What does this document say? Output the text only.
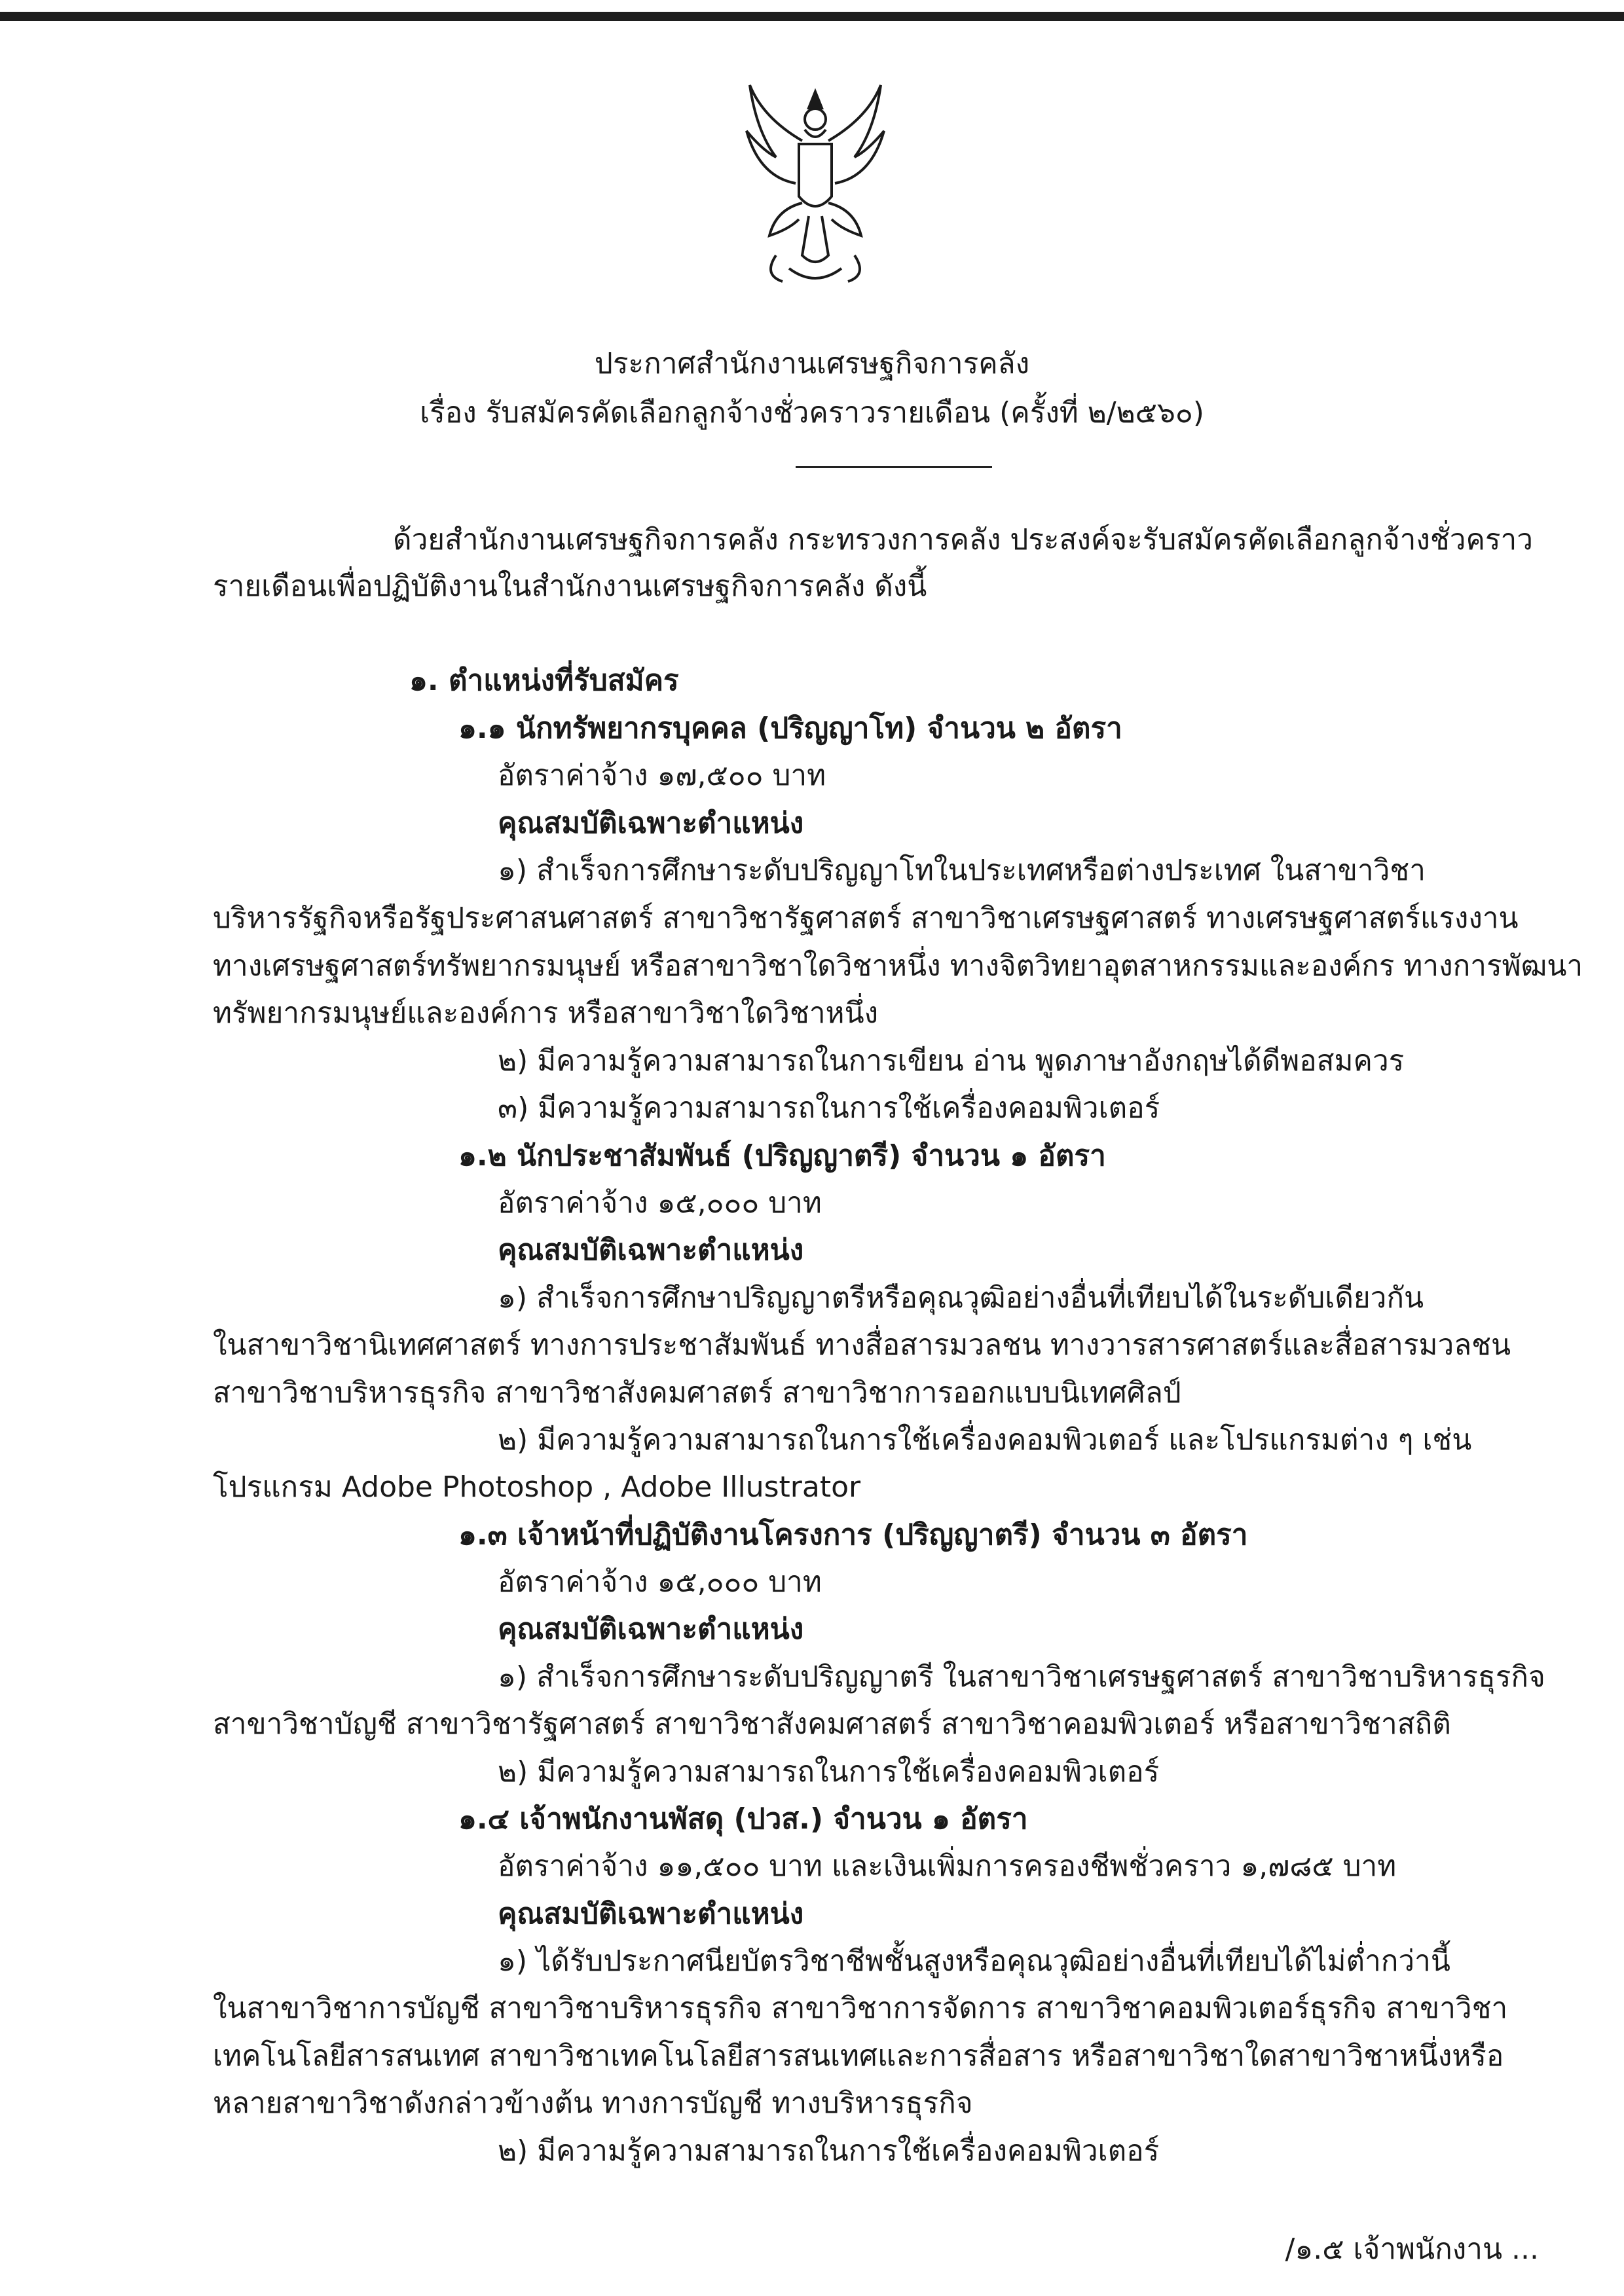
ประกาศสำนักงานเศรษฐกิจการคลัง
เรื่อง รับสมัครคัดเลือกลูกจ้างชั่วคราวรายเดือน (ครั้งที่ ๒/๒๕๖๐)
ด้วยสำนักงานเศรษฐกิจการคลัง กระทรวงการคลัง ประสงค์จะรับสมัครคัดเลือกลูกจ้างชั่วคราว
รายเดือนเพื่อปฏิบัติงานในสำนักงานเศรษฐกิจการคลัง ดังนี้
๑. ตำแหน่งที่รับสมัคร
๑.๑ นักทรัพยากรบุคคล (ปริญญาโท) จำนวน ๒ อัตรา
อัตราค่าจ้าง ๑๗,๕๐๐ บาท
คุณสมบัติเฉพาะตำแหน่ง
๑) สำเร็จการศึกษาระดับปริญญาโทในประเทศหรือต่างประเทศ ในสาขาวิชา
บริหารรัฐกิจหรือรัฐประศาสนศาสตร์ สาขาวิชารัฐศาสตร์ สาขาวิชาเศรษฐศาสตร์ ทางเศรษฐศาสตร์แรงงาน
ทางเศรษฐศาสตร์ทรัพยากรมนุษย์ หรือสาขาวิชาใดวิชาหนึ่ง ทางจิตวิทยาอุตสาหกรรมและองค์กร ทางการพัฒนา
ทรัพยากรมนุษย์และองค์การ หรือสาขาวิชาใดวิชาหนึ่ง
๒) มีความรู้ความสามารถในการเขียน อ่าน พูดภาษาอังกฤษได้ดีพอสมควร
๓) มีความรู้ความสามารถในการใช้เครื่องคอมพิวเตอร์
๑.๒ นักประชาสัมพันธ์ (ปริญญาตรี) จำนวน ๑ อัตรา
อัตราค่าจ้าง ๑๕,๐๐๐ บาท
คุณสมบัติเฉพาะตำแหน่ง
๑) สำเร็จการศึกษาปริญญาตรีหรือคุณวุฒิอย่างอื่นที่เทียบได้ในระดับเดียวกัน
ในสาขาวิชานิเทศศาสตร์ ทางการประชาสัมพันธ์ ทางสื่อสารมวลชน ทางวารสารศาสตร์และสื่อสารมวลชน
สาขาวิชาบริหารธุรกิจ สาขาวิชาสังคมศาสตร์ สาขาวิชาการออกแบบนิเทศศิลป์
๒) มีความรู้ความสามารถในการใช้เครื่องคอมพิวเตอร์ และโปรแกรมต่าง ๆ เช่น
โปรแกรม Adobe Photoshop , Adobe Illustrator
๑.๓ เจ้าหน้าที่ปฏิบัติงานโครงการ (ปริญญาตรี) จำนวน ๓ อัตรา
อัตราค่าจ้าง ๑๕,๐๐๐ บาท
คุณสมบัติเฉพาะตำแหน่ง
๑) สำเร็จการศึกษาระดับปริญญาตรี ในสาขาวิชาเศรษฐศาสตร์ สาขาวิชาบริหารธุรกิจ
สาขาวิชาบัญชี สาขาวิชารัฐศาสตร์ สาขาวิชาสังคมศาสตร์ สาขาวิชาคอมพิวเตอร์ หรือสาขาวิชาสถิติ
๒) มีความรู้ความสามารถในการใช้เครื่องคอมพิวเตอร์
๑.๔ เจ้าพนักงานพัสดุ (ปวส.) จำนวน ๑ อัตรา
อัตราค่าจ้าง ๑๑,๕๐๐ บาท และเงินเพิ่มการครองชีพชั่วคราว ๑,๗๘๕ บาท
คุณสมบัติเฉพาะตำแหน่ง
๑) ได้รับประกาศนียบัตรวิชาชีพชั้นสูงหรือคุณวุฒิอย่างอื่นที่เทียบได้ไม่ต่ำกว่านี้
ในสาขาวิชาการบัญชี สาขาวิชาบริหารธุรกิจ สาขาวิชาการจัดการ สาขาวิชาคอมพิวเตอร์ธุรกิจ สาขาวิชา
เทคโนโลยีสารสนเทศ สาขาวิชาเทคโนโลยีสารสนเทศและการสื่อสาร หรือสาขาวิชาใดสาขาวิชาหนึ่งหรือ
หลายสาขาวิชาดังกล่าวข้างต้น ทางการบัญชี ทางบริหารธุรกิจ
๒) มีความรู้ความสามารถในการใช้เครื่องคอมพิวเตอร์
/๑.๕ เจ้าพนักงาน ...
